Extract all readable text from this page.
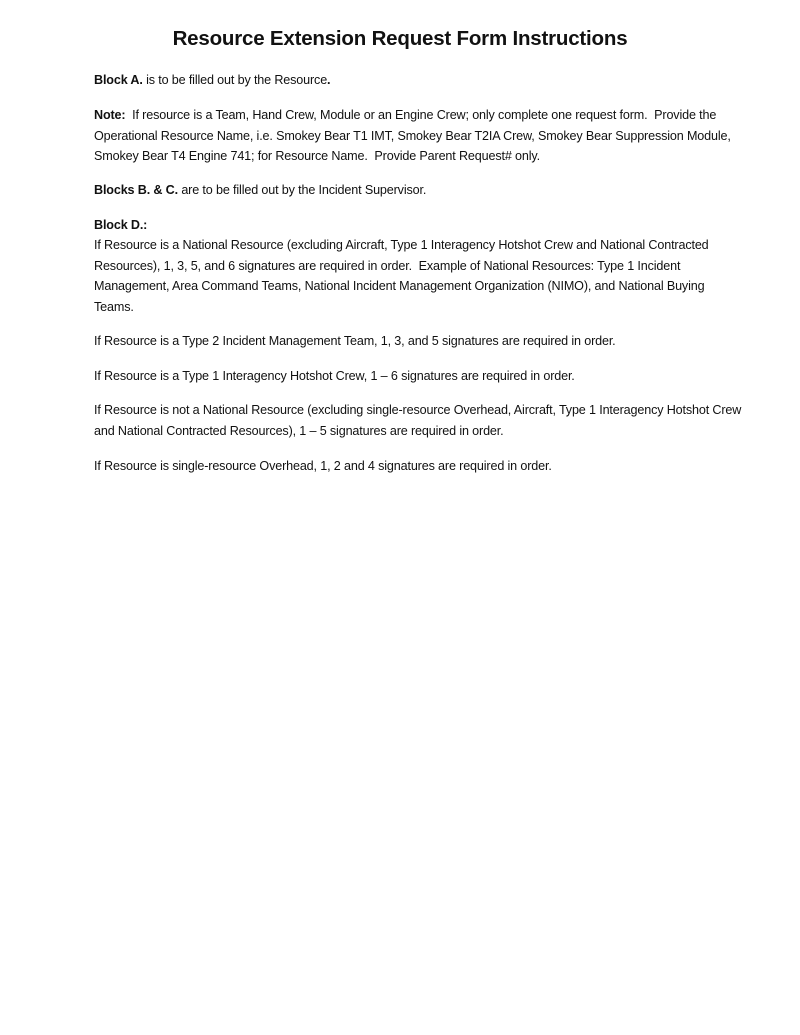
Resource Extension Request Form Instructions

Block A. is to be filled out by the Resource.

Note:  If resource is a Team, Hand Crew, Module or an Engine Crew; only complete one request form.  Provide the Operational Resource Name, i.e. Smokey Bear T1 IMT, Smokey Bear T2IA Crew, Smokey Bear Suppression Module, Smokey Bear T4 Engine 741; for Resource Name.  Provide Parent Request# only.

Blocks B. & C. are to be filled out by the Incident Supervisor.

Block D.:

If Resource is a National Resource (excluding Aircraft, Type 1 Interagency Hotshot Crew and National Contracted Resources), 1, 3, 5, and 6 signatures are required in order.  Example of National Resources: Type 1 Incident Management, Area Command Teams, National Incident Management Organization (NIMO), and National Buying Teams.

If Resource is a Type 2 Incident Management Team, 1, 3, and 5 signatures are required in order.

If Resource is a Type 1 Interagency Hotshot Crew, 1 – 6 signatures are required in order.

If Resource is not a National Resource (excluding single-resource Overhead, Aircraft, Type 1 Interagency Hotshot Crew and National Contracted Resources), 1 – 5 signatures are required in order.

If Resource is single-resource Overhead, 1, 2 and 4 signatures are required in order.
